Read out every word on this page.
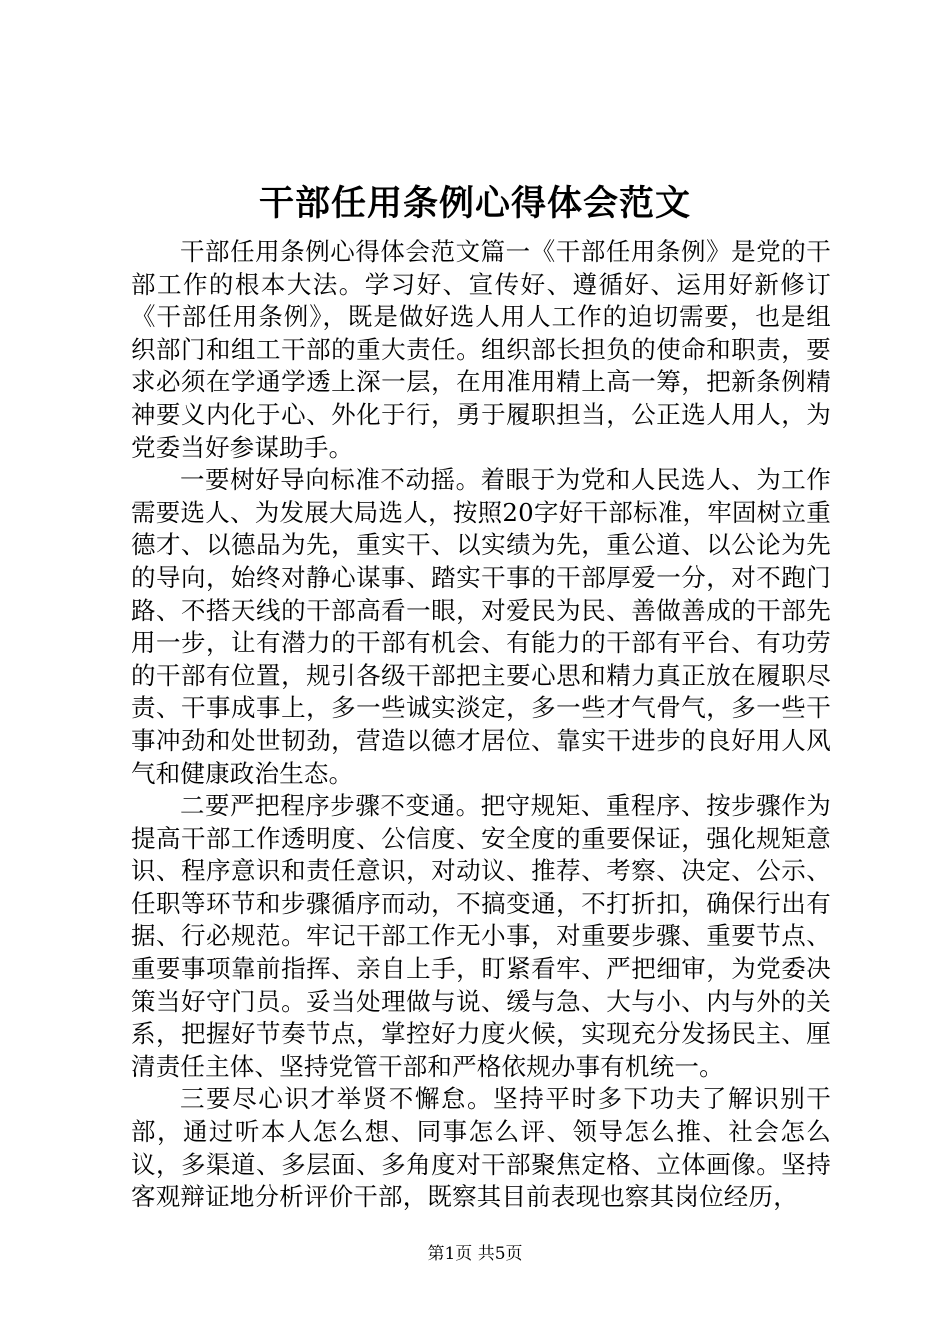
干部任用条例心得体会范文

干部任用条例心得体会范文篇一《干部任用条例》是党的干部工作的根本大法。学习好、宣传好、遵循好、运用好新修订《干部任用条例》，既是做好选人用人工作的迫切需要，也是组织部门和组工干部的重大责任。组织部长担负的使命和职责，要求必须在学通学透上深一层，在用准用精上高一筹，把新条例精神要义内化于心、外化于行，勇于履职担当，公正选人用人，为党委当好参谋助手。

一要树好导向标准不动摇。着眼于为党和人民选人、为工作需要选人、为发展大局选人，按照20字好干部标准，牢固树立重德才、以德品为先，重实干、以实绩为先，重公道、以公论为先的导向，始终对静心谋事、踏实干事的干部厚爱一分，对不跑门路、不搭天线的干部高看一眼，对爱民为民、善做善成的干部先用一步，让有潜力的干部有机会、有能力的干部有平台、有功劳的干部有位置，规引各级干部把主要心思和精力真正放在履职尽责、干事成事上，多一些诚实淡定，多一些才气骨气，多一些干事冲劲和处世韧劲，营造以德才居位、靠实干进步的良好用人风气和健康政治生态。

二要严把程序步骤不变通。把守规矩、重程序、按步骤作为提高干部工作透明度、公信度、安全度的重要保证，强化规矩意识、程序意识和责任意识，对动议、推荐、考察、决定、公示、任职等环节和步骤循序而动，不搞变通，不打折扣，确保行出有据、行必规范。牢记干部工作无小事，对重要步骤、重要节点、重要事项靠前指挥、亲自上手，盯紧看牢、严把细审，为党委决策当好守门员。妥当处理做与说、缓与急、大与小、内与外的关系，把握好节奏节点，掌控好力度火候，实现充分发扬民主、厘清责任主体、坚持党管干部和严格依规办事有机统一。

三要尽心识才举贤不懈怠。坚持平时多下功夫了解识别干部，通过听本人怎么想、同事怎么评、领导怎么推、社会怎么议，多渠道、多层面、多角度对干部聚焦定格、立体画像。坚持客观辩证地分析评价干部，既察其目前表现也察其岗位经历，

第1页 共5页
